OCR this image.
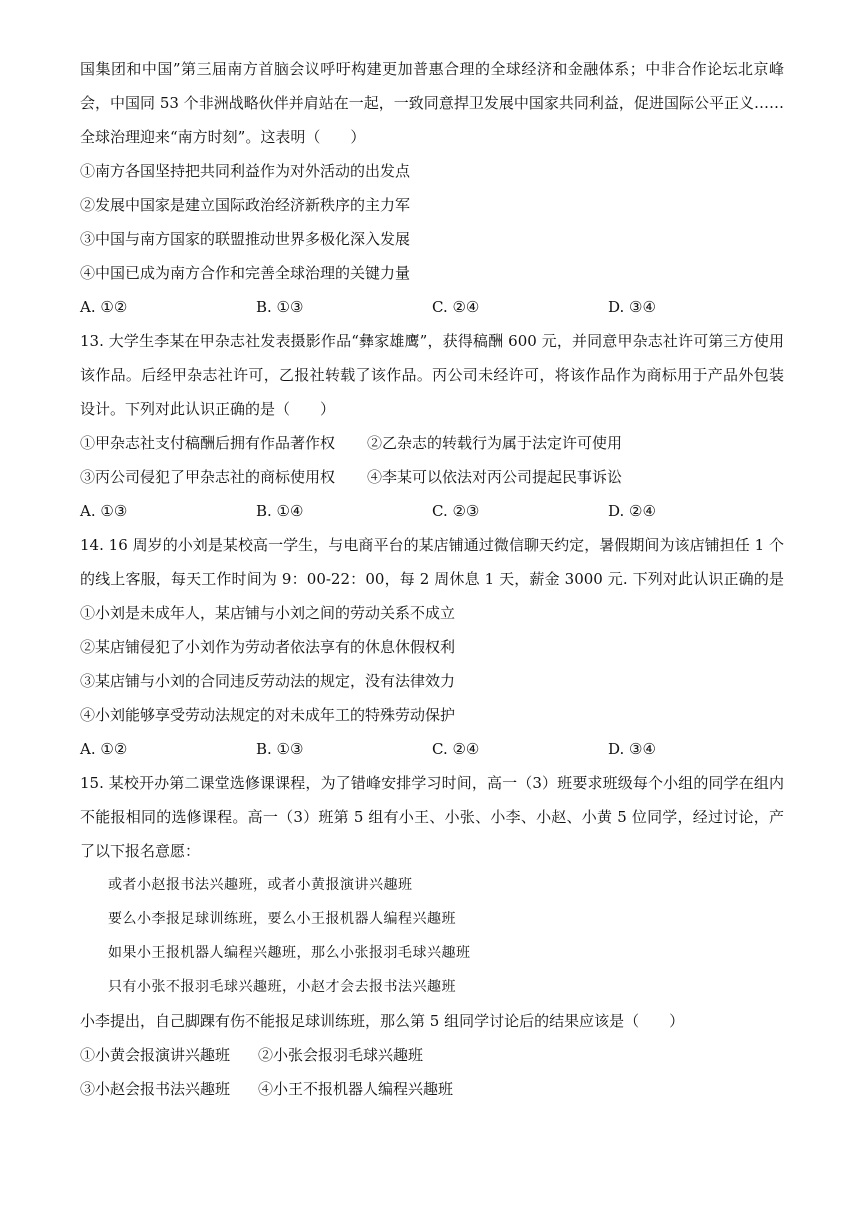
国集团和中国”第三届南方首脑会议呼吁构建更加普惠合理的全球经济和金融体系；中非合作论坛北京峰
会，中国同 53 个非洲战略伙伴并肩站在一起，一致同意捍卫发展中国家共同利益，促进国际公平正义……
全球治理迎来“南方时刻”。这表明（　　）
①南方各国坚持把共同利益作为对外活动的出发点
②发展中国家是建立国际政治经济新秩序的主力军
③中国与南方国家的联盟推动世界多极化深入发展
④中国已成为南方合作和完善全球治理的关键力量
A. ①②	B. ①③	C. ②④	D. ③④
13. 大学生李某在甲杂志社发表摄影作品“彝家雄鹰”，获得稿酬 600 元，并同意甲杂志社许可第三方使用
该作品。后经甲杂志社许可，乙报社转载了该作品。丙公司未经许可，将该作品作为商标用于产品外包装
设计。下列对此认识正确的是（　　）
①甲杂志社支付稿酬后拥有作品著作权	②乙杂志的转载行为属于法定许可使用
③丙公司侵犯了甲杂志社的商标使用权	④李某可以依法对丙公司提起民事诉讼
A. ①③	B. ①④	C. ②③	D. ②④
14. 16 周岁的小刘是某校高一学生，与电商平台的某店铺通过微信聊天约定，暑假期间为该店铺担任 1 个
的线上客服，每天工作时间为 9：00-22：00，每 2 周休息 1 天，薪金 3000 元. 下列对此认识正确的是　　
①小刘是未成年人，某店铺与小刘之间的劳动关系不成立
②某店铺侵犯了小刘作为劳动者依法享有的休息休假权利
③某店铺与小刘的合同违反劳动法的规定，没有法律效力
④小刘能够享受劳动法规定的对未成年工的特殊劳动保护
A. ①②	B. ①③	C. ②④	D. ③④
15. 某校开办第二课堂选修课课程，为了错峰安排学习时间，高一（3）班要求班级每个小组的同学在组内
不能报相同的选修课程。高一（3）班第 5 组有小王、小张、小李、小赵、小黄 5 位同学，经过讨论，产
了以下报名意愿：
或者小赵报书法兴趣班，或者小黄报演讲兴趣班
要么小李报足球训练班，要么小王报机器人编程兴趣班
如果小王报机器人编程兴趣班，那么小张报羽毛球兴趣班
只有小张不报羽毛球兴趣班，小赵才会去报书法兴趣班
小李提出，自己脚踝有伤不能报足球训练班，那么第 5 组同学讨论后的结果应该是（　　）
①小黄会报演讲兴趣班	②小张会报羽毛球兴趣班
③小赵会报书法兴趣班	④小王不报机器人编程兴趣班
